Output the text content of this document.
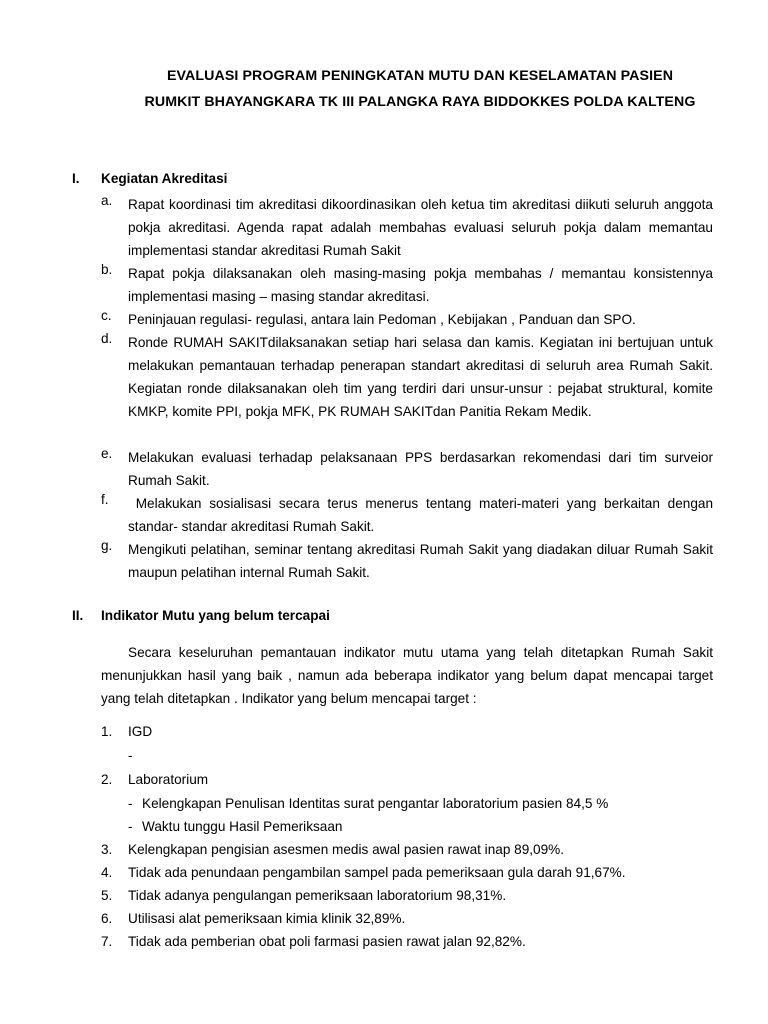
EVALUASI PROGRAM PENINGKATAN MUTU DAN KESELAMATAN PASIEN
RUMKIT BHAYANGKARA TK III PALANGKA RAYA BIDDOKKES POLDA KALTENG
I. Kegiatan Akreditasi
a. Rapat koordinasi tim akreditasi dikoordinasikan oleh ketua tim akreditasi diikuti seluruh anggota pokja akreditasi. Agenda rapat adalah membahas evaluasi seluruh pokja dalam memantau implementasi standar akreditasi Rumah Sakit
b. Rapat pokja dilaksanakan oleh masing-masing pokja membahas / memantau konsistennya implementasi masing – masing standar akreditasi.
c. Peninjauan regulasi- regulasi, antara lain Pedoman , Kebijakan , Panduan dan SPO.
d. Ronde RUMAH SAKITdilaksanakan setiap hari selasa dan kamis. Kegiatan ini bertujuan untuk melakukan pemantauan terhadap penerapan standart akreditasi di seluruh area Rumah Sakit. Kegiatan ronde dilaksanakan oleh tim yang terdiri dari unsur-unsur : pejabat struktural, komite KMKP, komite PPI, pokja MFK, PK RUMAH SAKITdan Panitia Rekam Medik.
e. Melakukan evaluasi terhadap pelaksanaan PPS berdasarkan rekomendasi dari tim surveior Rumah Sakit.
f. Melakukan sosialisasi secara terus menerus tentang materi-materi yang berkaitan dengan standar- standar akreditasi Rumah Sakit.
g. Mengikuti pelatihan, seminar tentang akreditasi Rumah Sakit yang diadakan diluar Rumah Sakit maupun pelatihan internal Rumah Sakit.
II. Indikator Mutu yang belum tercapai
Secara keseluruhan pemantauan indikator mutu utama yang telah ditetapkan Rumah Sakit menunjukkan hasil yang baik , namun ada beberapa indikator yang belum dapat mencapai target yang telah ditetapkan . Indikator yang belum mencapai target :
1. IGD
-
2. Laboratorium
- Kelengkapan Penulisan Identitas surat pengantar laboratorium pasien 84,5 %
- Waktu tunggu Hasil Pemeriksaan
3. Kelengkapan pengisian asesmen medis awal pasien rawat inap 89,09%.
4. Tidak ada penundaan pengambilan sampel pada pemeriksaan gula darah 91,67%.
5. Tidak adanya pengulangan pemeriksaan laboratorium 98,31%.
6. Utilisasi alat pemeriksaan kimia klinik 32,89%.
7. Tidak ada pemberian obat poli farmasi pasien rawat jalan 92,82%.
